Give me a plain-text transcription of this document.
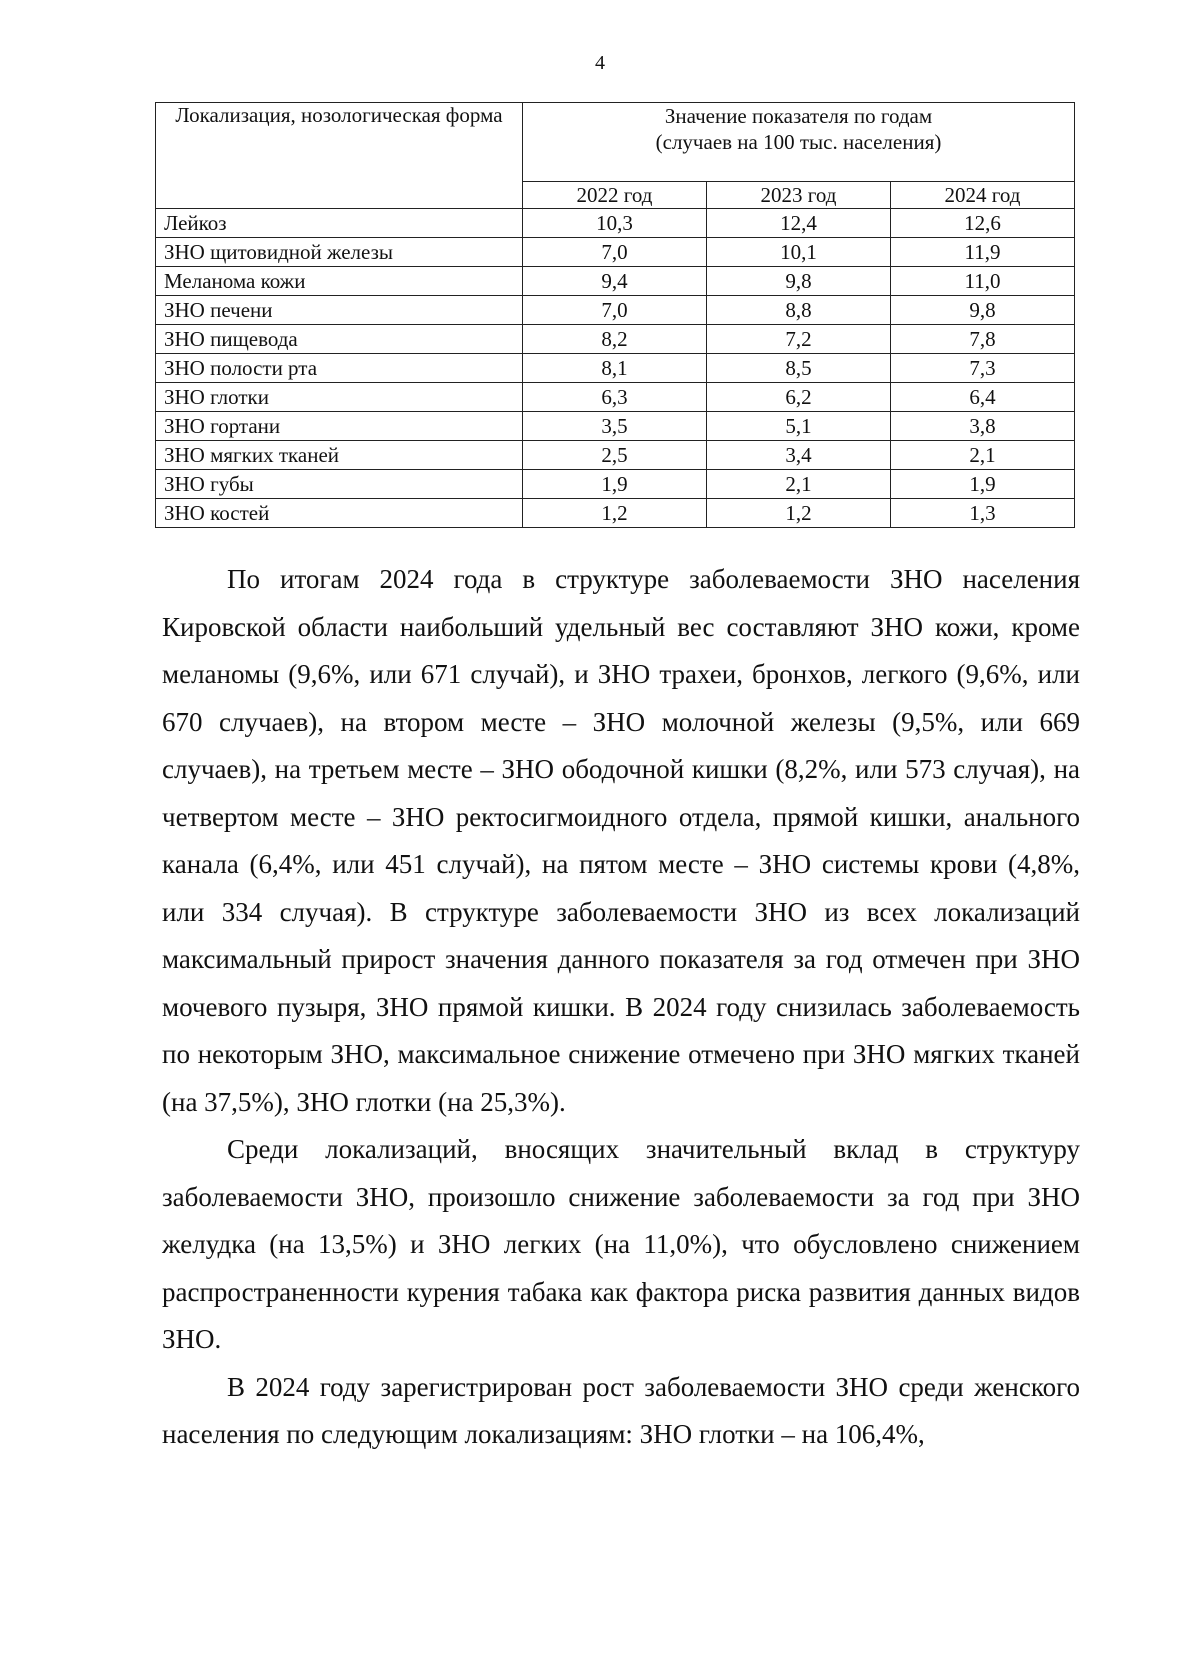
4
Локализация, нозологическая форма	Значение показателя по годам
(случаев на 100 тыс. населения)		

	2022 год	2023 год	2024 год
Лейкоз	10,3	12,4	12,6
ЗНО щитовидной железы	7,0	10,1	11,9
Меланома кожи	9,4	9,8	11,0
ЗНО печени	7,0	8,8	9,8
ЗНО пищевода	8,2	7,2	7,8
ЗНО полости рта	8,1	8,5	7,3
ЗНО глотки	6,3	6,2	6,4
ЗНО гортани	3,5	5,1	3,8
ЗНО мягких тканей	2,5	3,4	2,1
ЗНО губы	1,9	2,1	1,9
ЗНО костей	1,2	1,2	1,3

По итогам 2024 года в структуре заболеваемости ЗНО населения Кировской области наибольший удельный вес составляют ЗНО кожи, кроме меланомы (9,6%, или 671 случай), и ЗНО трахеи, бронхов, легкого (9,6%, или 670 случаев), на втором месте – ЗНО молочной железы (9,5%, или 669 случаев), на третьем месте – ЗНО ободочной кишки (8,2%, или 573 случая), на четвертом месте – ЗНО ректосигмоидного отдела, прямой кишки, анального канала (6,4%, или 451 случай), на пятом месте – ЗНО системы крови (4,8%, или 334 случая). В структуре заболеваемости ЗНО из всех локализаций максимальный прирост значения данного показателя за год отмечен при ЗНО мочевого пузыря, ЗНО прямой кишки. В 2024 году снизилась заболеваемость по некоторым ЗНО, максимальное снижение отмечено при ЗНО мягких тканей (на 37,5%), ЗНО глотки (на 25,3%).

Среди локализаций, вносящих значительный вклад в структуру заболеваемости ЗНО, произошло снижение заболеваемости за год при ЗНО желудка (на 13,5%) и ЗНО легких (на 11,0%), что обусловлено снижением распространенности курения табака как фактора риска развития данных видов ЗНО.

В 2024 году зарегистрирован рост заболеваемости ЗНО среди женского населения по следующим локализациям: ЗНО глотки – на 106,4%,
